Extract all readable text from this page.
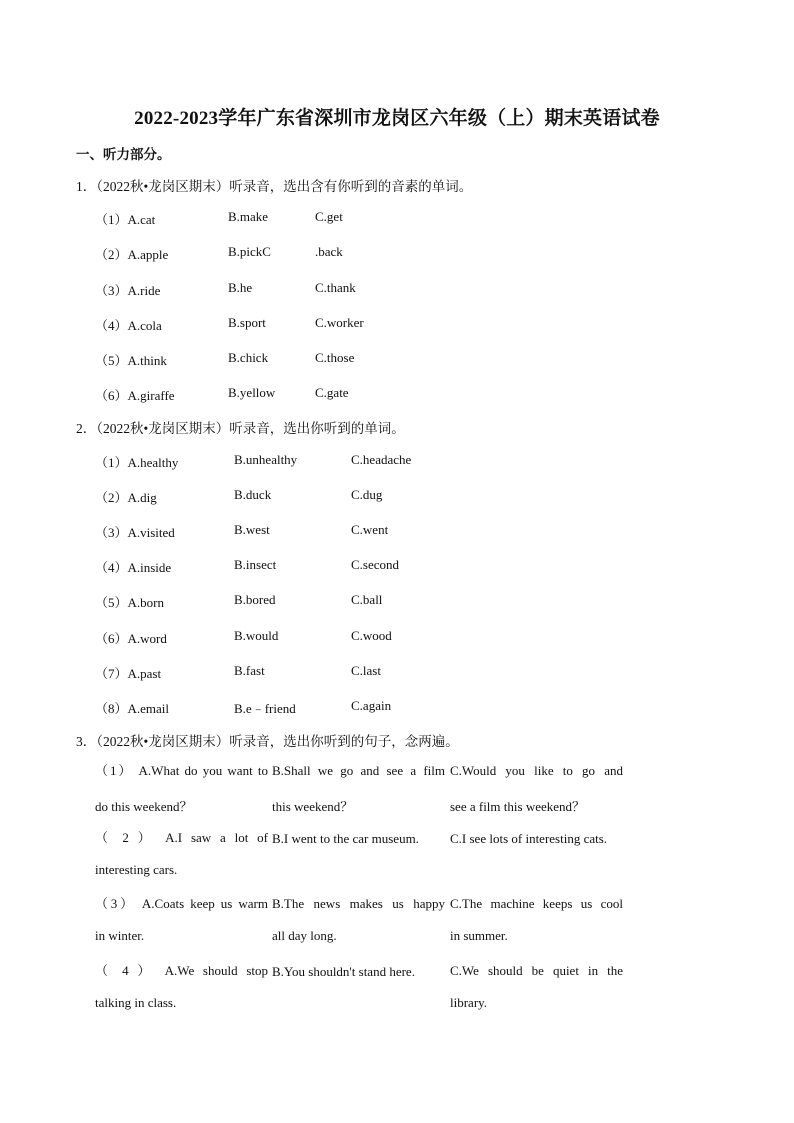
2022-2023学年广东省深圳市龙岗区六年级（上）期末英语试卷
一、听力部分。
1．（2022秋•龙岗区期末）听录音，选出含有你听到的音素的单词。
（1）A.cat	B.make	C.get
（2）A.apple	B.pickC	.back
（3）A.ride	B.he	C.thank
（4）A.cola	B.sport	C.worker
（5）A.think	B.chick	C.those
（6）A.giraffe	B.yellow	C.gate
2．（2022秋•龙岗区期末）听录音，选出你听到的单词。
（1）A.healthy	B.unhealthy	C.headache
（2）A.dig	B.duck	C.dug
（3）A.visited	B.west	C.went
（4）A.inside	B.insect	C.second
（5）A.born	B.bored	C.ball
（6）A.word	B.would	C.wood
（7）A.past	B.fast	C.last
（8）A.email	B.e﹣friend	C.again
3．（2022秋•龙岗区期末）听录音，选出你听到的句子，念两遍。
（1） A.What do you want to
do this weekend？
B.Shall we go and see a film
this weekend？
C.Would you like to go and
see a film this weekend？
（ 2 ） A.I saw a lot of
interesting cars.
B.I went to the car museum. C.I see lots of interesting cats.
（3） A.Coats keep us warm
in winter.
B.The news makes us happy
all day long.
C.The machine keeps us cool
in summer.
（ 4 ） A.We should stop
talking in class.
B.You shouldn't stand here.	C.We should be quiet in the
library.
